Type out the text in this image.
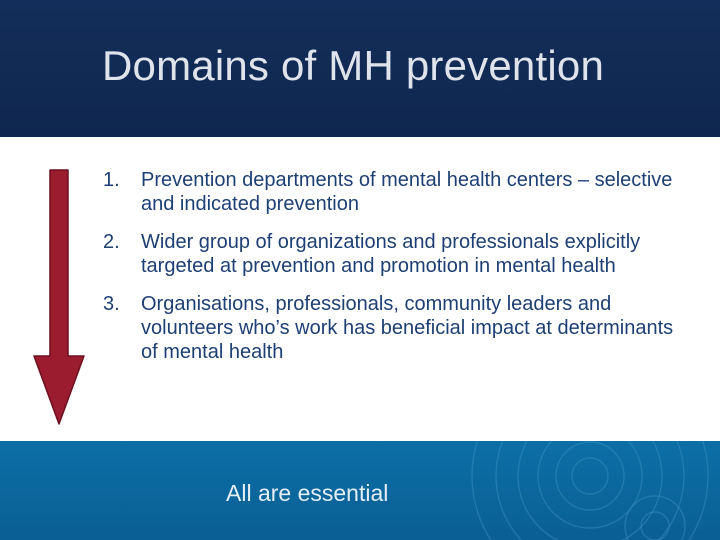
Domains of MH prevention
1. Prevention departments of mental health centers – selective and indicated prevention
2. Wider group of organizations and professionals explicitly targeted at prevention and promotion in mental health
3. Organisations, professionals, community leaders and volunteers who’s work has beneficial impact at determinants of mental health

All are essential
